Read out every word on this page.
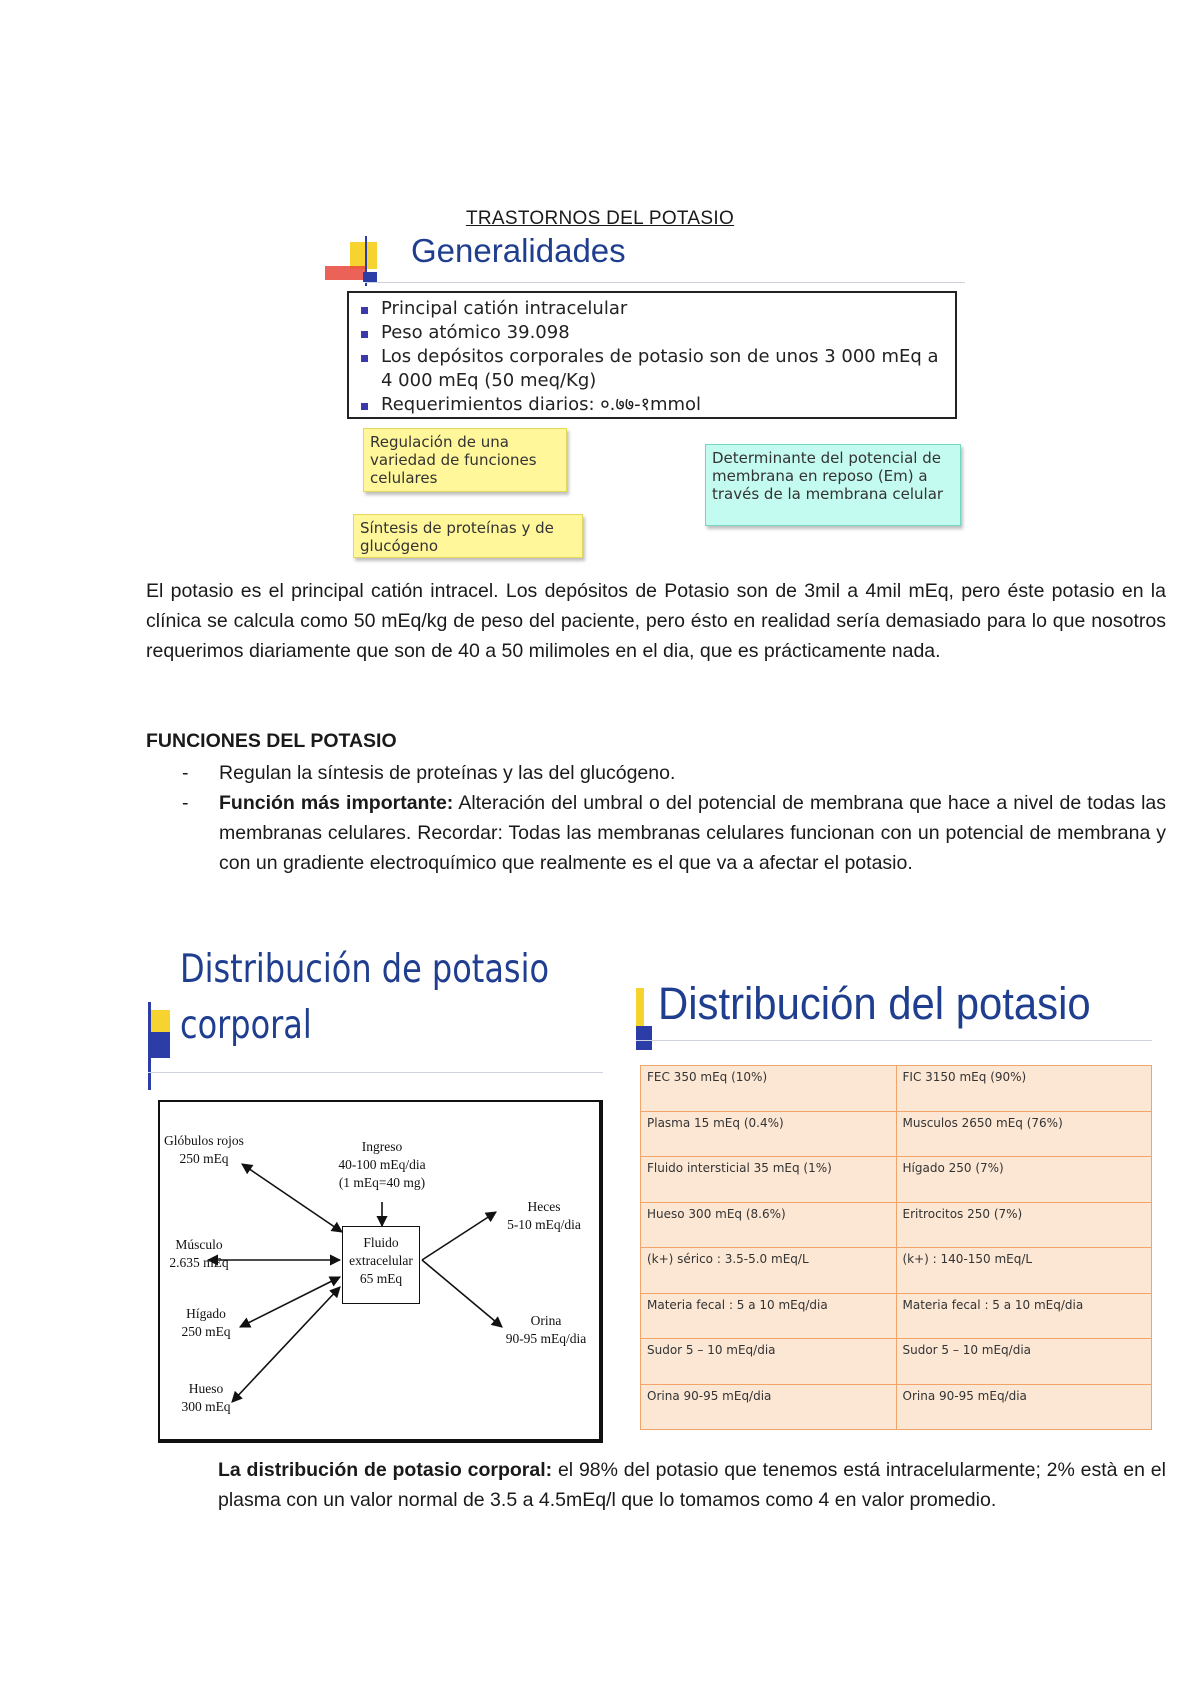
TRASTORNOS DEL POTASIO
Generalidades
Principal catión intracelular
Peso atómico 39.098
Los depósitos corporales de potasio son de unos 3 000 mEq a 4 000 mEq (50 meq/Kg)
Requerimientos diarios: ०.७७-१mmol
Regulación de una variedad de funciones celulares
Síntesis de proteínas y de glucógeno
Determinante del potencial de membrana en reposo (Em) a través de la membrana celular
El potasio es el principal catión intracel. Los depósitos de Potasio son de 3mil a 4mil mEq, pero éste potasio en la clínica se calcula como 50 mEq/kg de peso del paciente, pero ésto en realidad sería demasiado para lo que nosotros requerimos diariamente que son de 40 a 50 milimoles en el dia, que es prácticamente nada.
FUNCIONES DEL POTASIO
- Regulan la síntesis de proteínas y las del glucógeno.
- Función más importante: Alteración del umbral o del potencial de membrana que hace a nivel de todas las membranas celulares. Recordar: Todas las membranas celulares funcionan con un potencial de membrana y con un gradiente electroquímico que realmente es el que va a afectar el potasio.
Distribución de potasio
corporal
Fluido
extracelular
65 mEq
Glóbulos rojos
250 mEq
Músculo
2.635 mEq
Hígado
250 mEq
Hueso
300 mEq
Ingreso
40-100 mEq/dia
(1 mEq=40 mg)
Heces
5-10 mEq/dia
Orina
90-95 mEq/dia
Distribución del potasio
FEC 350 mEq (10%)	FIC 3150 mEq (90%)
Plasma 15 mEq (0.4%)	Musculos 2650 mEq (76%)
Fluido intersticial 35 mEq (1%)	Hígado 250 (7%)
Hueso 300 mEq (8.6%)	Eritrocitos 250 (7%)
(k+) sérico : 3.5-5.0 mEq/L	(k+) : 140-150 mEq/L
Materia fecal : 5 a 10 mEq/dia	Materia fecal : 5 a 10 mEq/dia
Sudor 5 – 10 mEq/dia	Sudor 5 – 10 mEq/dia
Orina 90-95 mEq/dia	Orina 90-95 mEq/dia
La distribución de potasio corporal: el 98% del potasio que tenemos está intracelularmente; 2% està en el plasma con un valor normal de 3.5 a 4.5mEq/l que lo tomamos como 4 en valor promedio.
